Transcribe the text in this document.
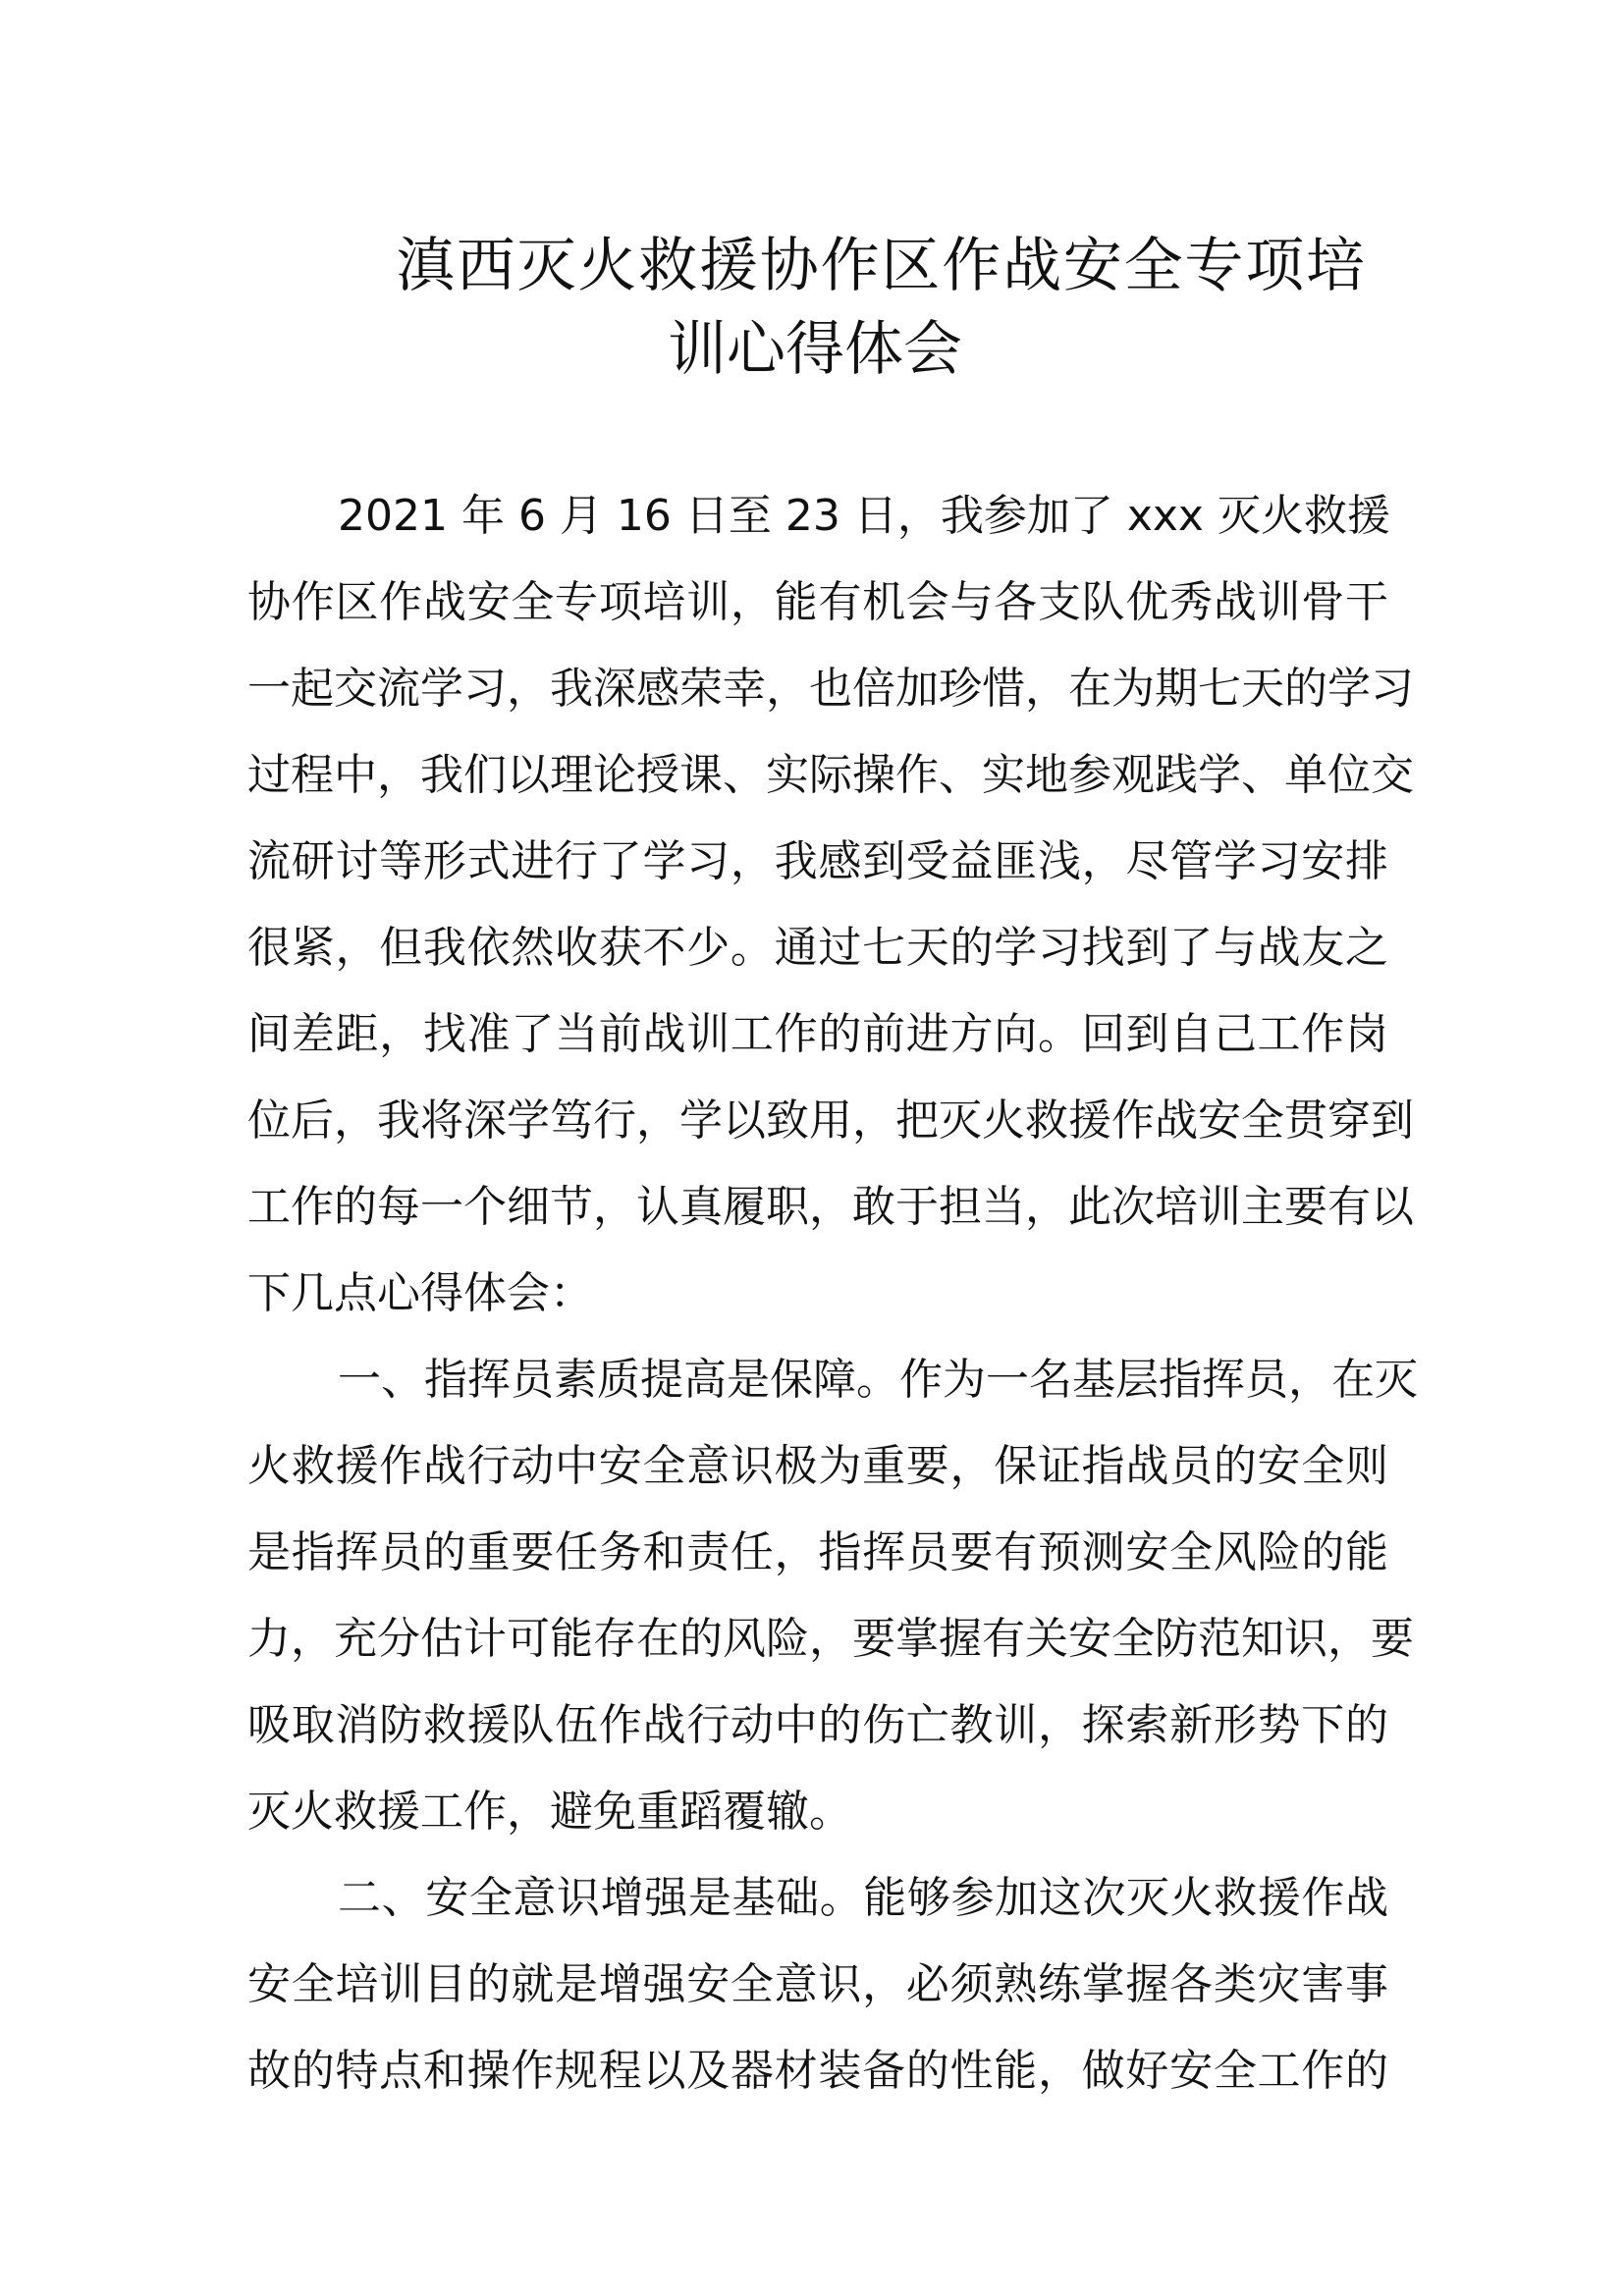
滇西灭火救援协作区作战安全专项培
训心得体会
2021 年 6 月 16 日至 23 日，我参加了 xxx 灭火救援
协作区作战安全专项培训，能有机会与各支队优秀战训骨干
一起交流学习，我深感荣幸，也倍加珍惜，在为期七天的学习
过程中，我们以理论授课、实际操作、实地参观践学、单位交
流研讨等形式进行了学习，我感到受益匪浅，尽管学习安排
很紧，但我依然收获不少。通过七天的学习找到了与战友之
间差距，找准了当前战训工作的前进方向。回到自己工作岗
位后，我将深学笃行，学以致用，把灭火救援作战安全贯穿到
工作的每一个细节，认真履职，敢于担当，此次培训主要有以
下几点心得体会：
一、指挥员素质提高是保障。作为一名基层指挥员，在灭
火救援作战行动中安全意识极为重要，保证指战员的安全则
是指挥员的重要任务和责任，指挥员要有预测安全风险的能
力，充分估计可能存在的风险，要掌握有关安全防范知识，要
吸取消防救援队伍作战行动中的伤亡教训，探索新形势下的
灭火救援工作，避免重蹈覆辙。
二、安全意识增强是基础。能够参加这次灭火救援作战
安全培训目的就是增强安全意识，必须熟练掌握各类灾害事
故的特点和操作规程以及器材装备的性能，做好安全工作的
